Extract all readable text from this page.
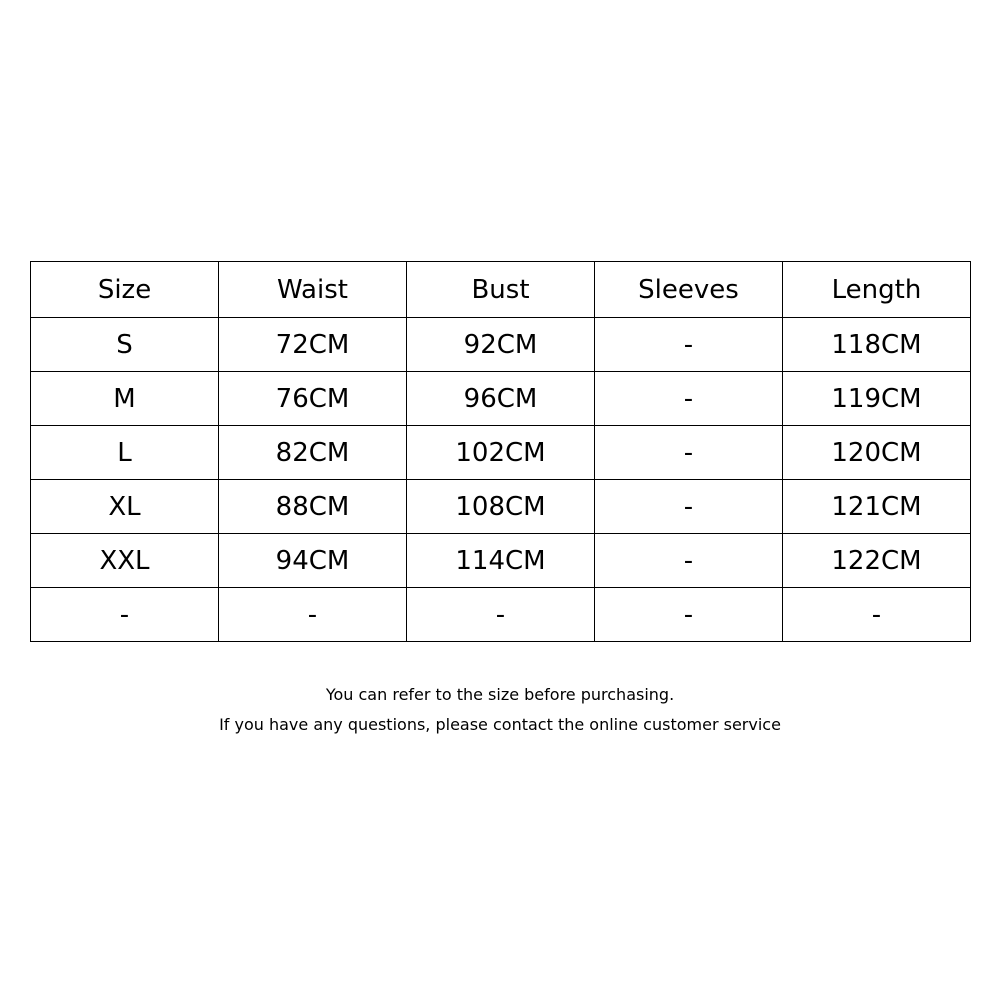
Size	Waist	Bust	Sleeves	Length
S	72CM	92CM	-	118CM
M	76CM	96CM	-	119CM
L	82CM	102CM	-	120CM
XL	88CM	108CM	-	121CM
XXL	94CM	114CM	-	122CM
-	-	-	-	-
You can refer to the size before purchasing.
If you have any questions, please contact the online customer service
